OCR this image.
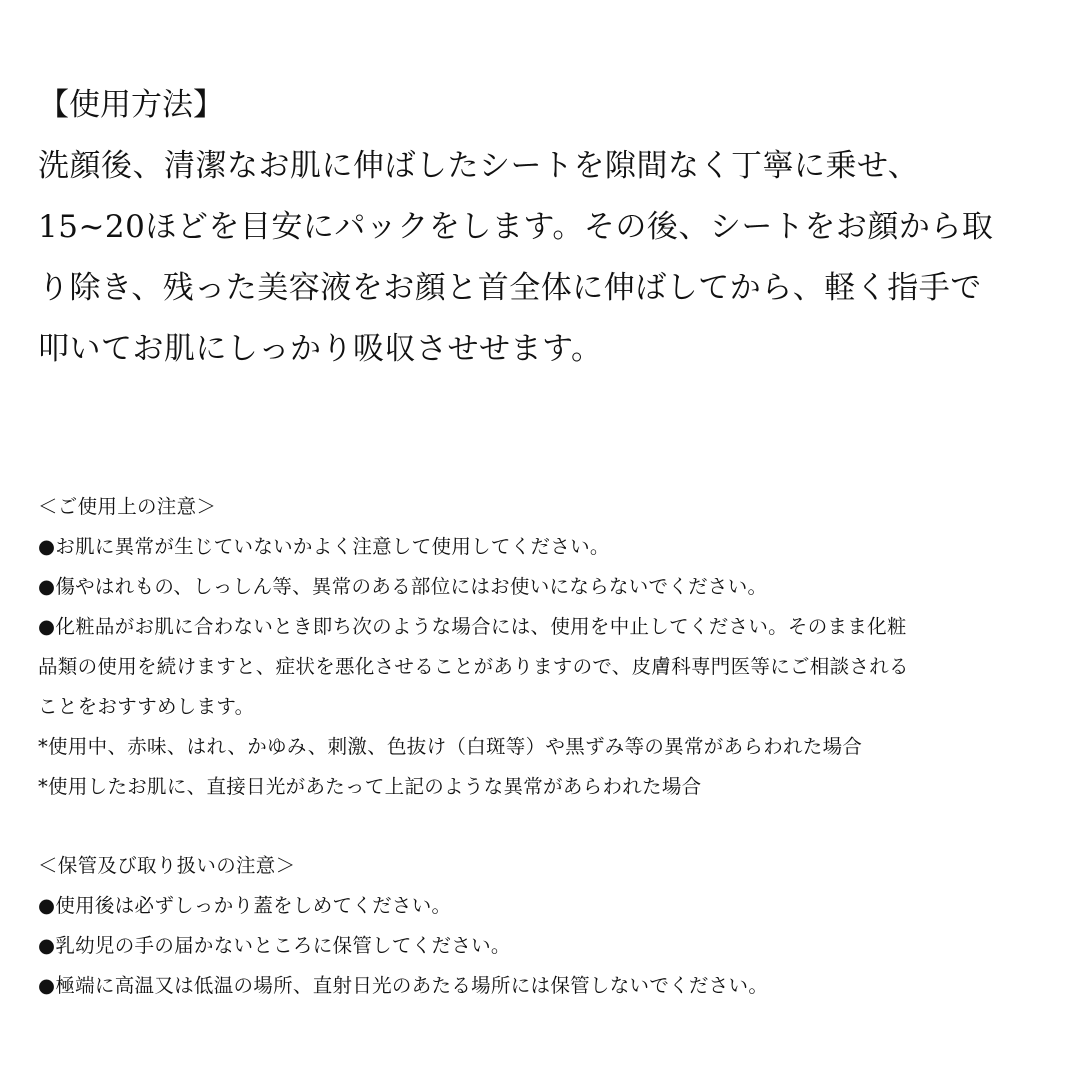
【使用方法】

洗顔後、清潔なお肌に伸ばしたシートを隙間なく丁寧に乗せ、

15~20ほどを目安にパックをします。その後、シートをお顔から取

り除き、残った美容液をお顔と首全体に伸ばしてから、軽く指手で

叩いてお肌にしっかり吸収させせます。

＜ご使用上の注意＞

●お肌に異常が生じていないかよく注意して使用してください。

●傷やはれもの、しっしん等、異常のある部位にはお使いにならないでください。

●化粧品がお肌に合わないとき即ち次のような場合には、使用を中止してください。そのまま化粧

品類の使用を続けますと、症状を悪化させることがありますので、皮膚科専門医等にご相談される

ことをおすすめします。

*使用中、赤味、はれ、かゆみ、刺激、色抜け（白斑等）や黒ずみ等の異常があらわれた場合

*使用したお肌に、直接日光があたって上記のような異常があらわれた場合

＜保管及び取り扱いの注意＞

●使用後は必ずしっかり蓋をしめてください。

●乳幼児の手の届かないところに保管してください。

●極端に高温又は低温の場所、直射日光のあたる場所には保管しないでください。
